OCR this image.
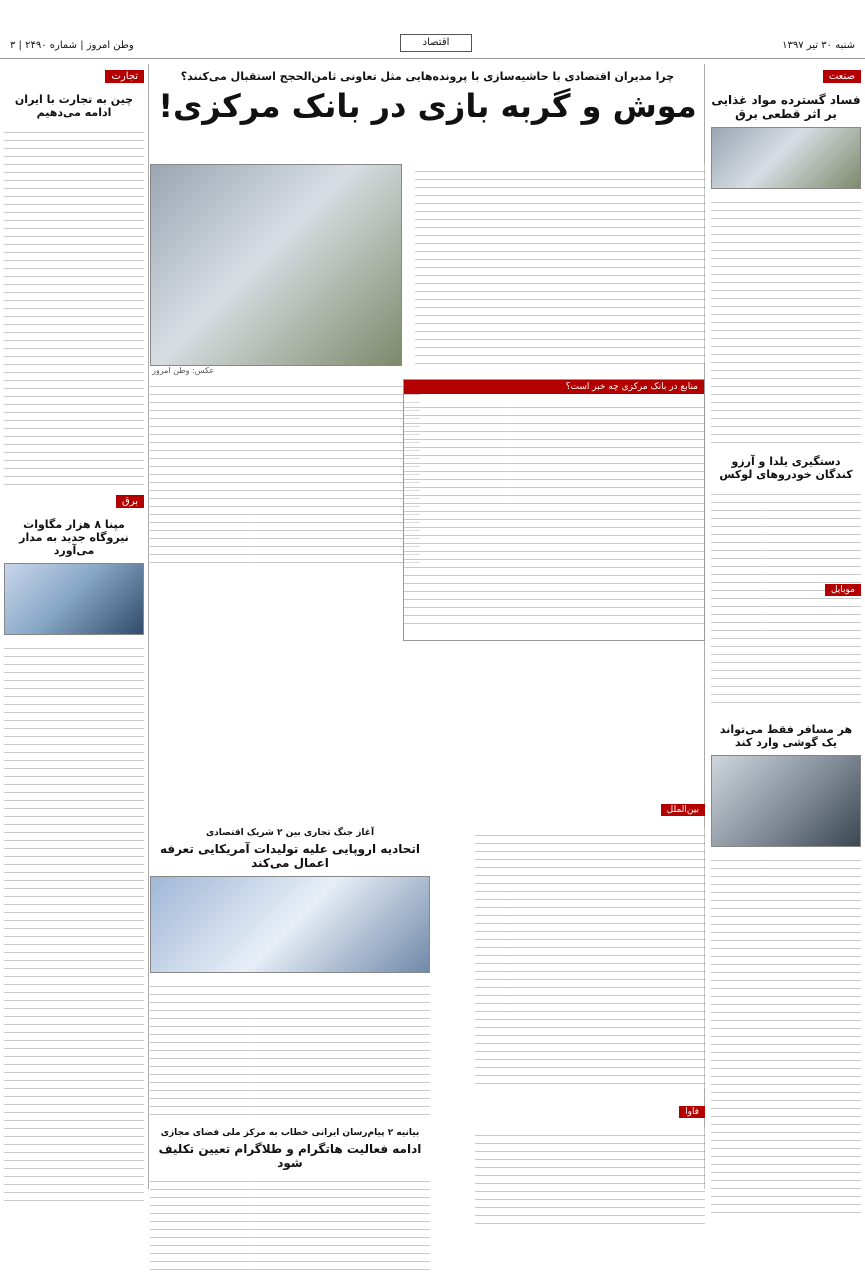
شنبه ۳۰ تیر ۱۳۹۷
اقتصاد
وطن امروز | شماره ۲۴۹۰ | ۳
صنعت
فساد گسترده مواد غذایی بر اثر قطعی برق
دستگیری یلدا و آرزو کندگان خودروهای لوکس
موبایل
هر مسافر فقط می‌تواند یک گوشی وارد کند
تجارت
چین به تجارت با ایران ادامه می‌دهیم
برق
مپنا ۸ هزار مگاوات نیروگاه جدید به مدار می‌آورد
چرا مدیران اقتصادی با حاشیه‌سازی با پرونده‌هایی مثل تعاونی ثامن‌الحجج استقبال می‌کنند؟
موش و گربه بازی در بانک مرکزی!
عکس: وطن امروز
منابع در بانک مرکزی چه خبر است؟
بین‌الملل
آغاز جنگ تجاری بین ۲ شریک اقتصادی
اتحادیه اروپایی علیه تولیدات آمریکایی تعرفه اعمال می‌کند
فاوا
بیانیه ۲ پیام‌رسان ایرانی خطاب به مرکز ملی فضای مجازی
ادامه فعالیت هاتگرام و طلاگرام تعیین تکلیف شود
